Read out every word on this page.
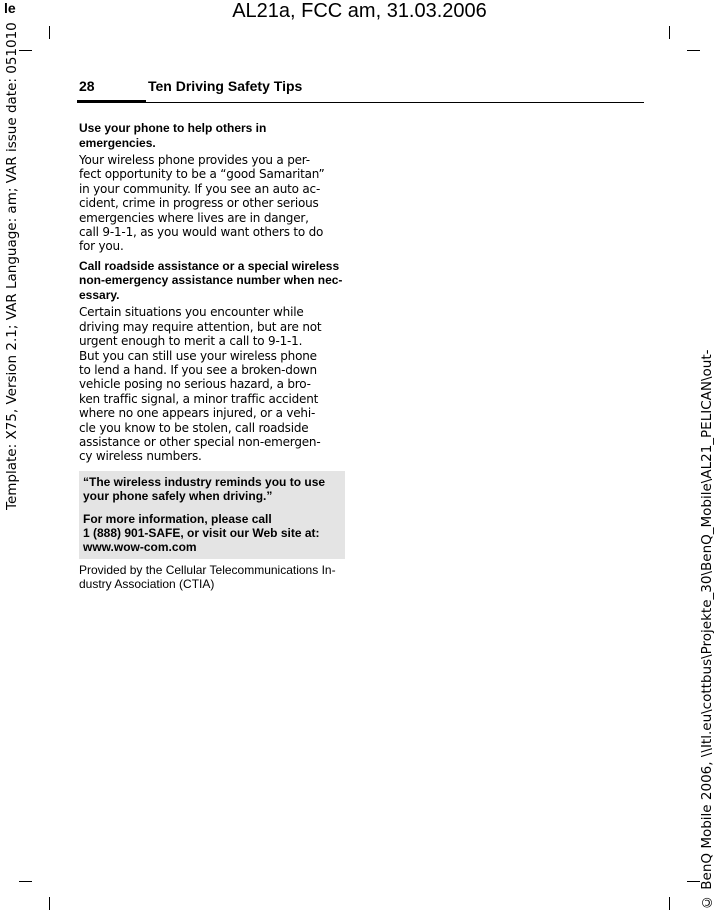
le	AL21a, FCC am, 31.03.2006
Template: X75, Version 2.1; VAR Language: am; VAR issue date: 051010
© BenQ Mobile 2006, \\Itl.eu\cottbus\Projekte_30\BenQ_Mobile\AL21_PELICAN\out-
28	Ten Driving Safety Tips

Use your phone to help others in emergencies.

Your wireless phone provides you a per-
fect opportunity to be a “good Samaritan”
in your community. If you see an auto ac-
cident, crime in progress or other serious
emergencies where lives are in danger,
call 9-1-1, as you would want others to do
for you.

Call roadside assistance or a special wireless
non-emergency assistance number when nec-
essary.

Certain situations you encounter while
driving may require attention, but are not
urgent enough to merit a call to 9-1-1.
But you can still use your wireless phone
to lend a hand. If you see a broken-down
vehicle posing no serious hazard, a bro-
ken traffic signal, a minor traffic accident
where no one appears injured, or a vehi-
cle you know to be stolen, call roadside
assistance or other special non-emergen-
cy wireless numbers.

“The wireless industry reminds you to use
your phone safely when driving.”

For more information, please call
1 (888) 901-SAFE, or visit our Web site at:
www.wow-com.com

Provided by the Cellular Telecommunications In-
dustry Association (CTIA)
